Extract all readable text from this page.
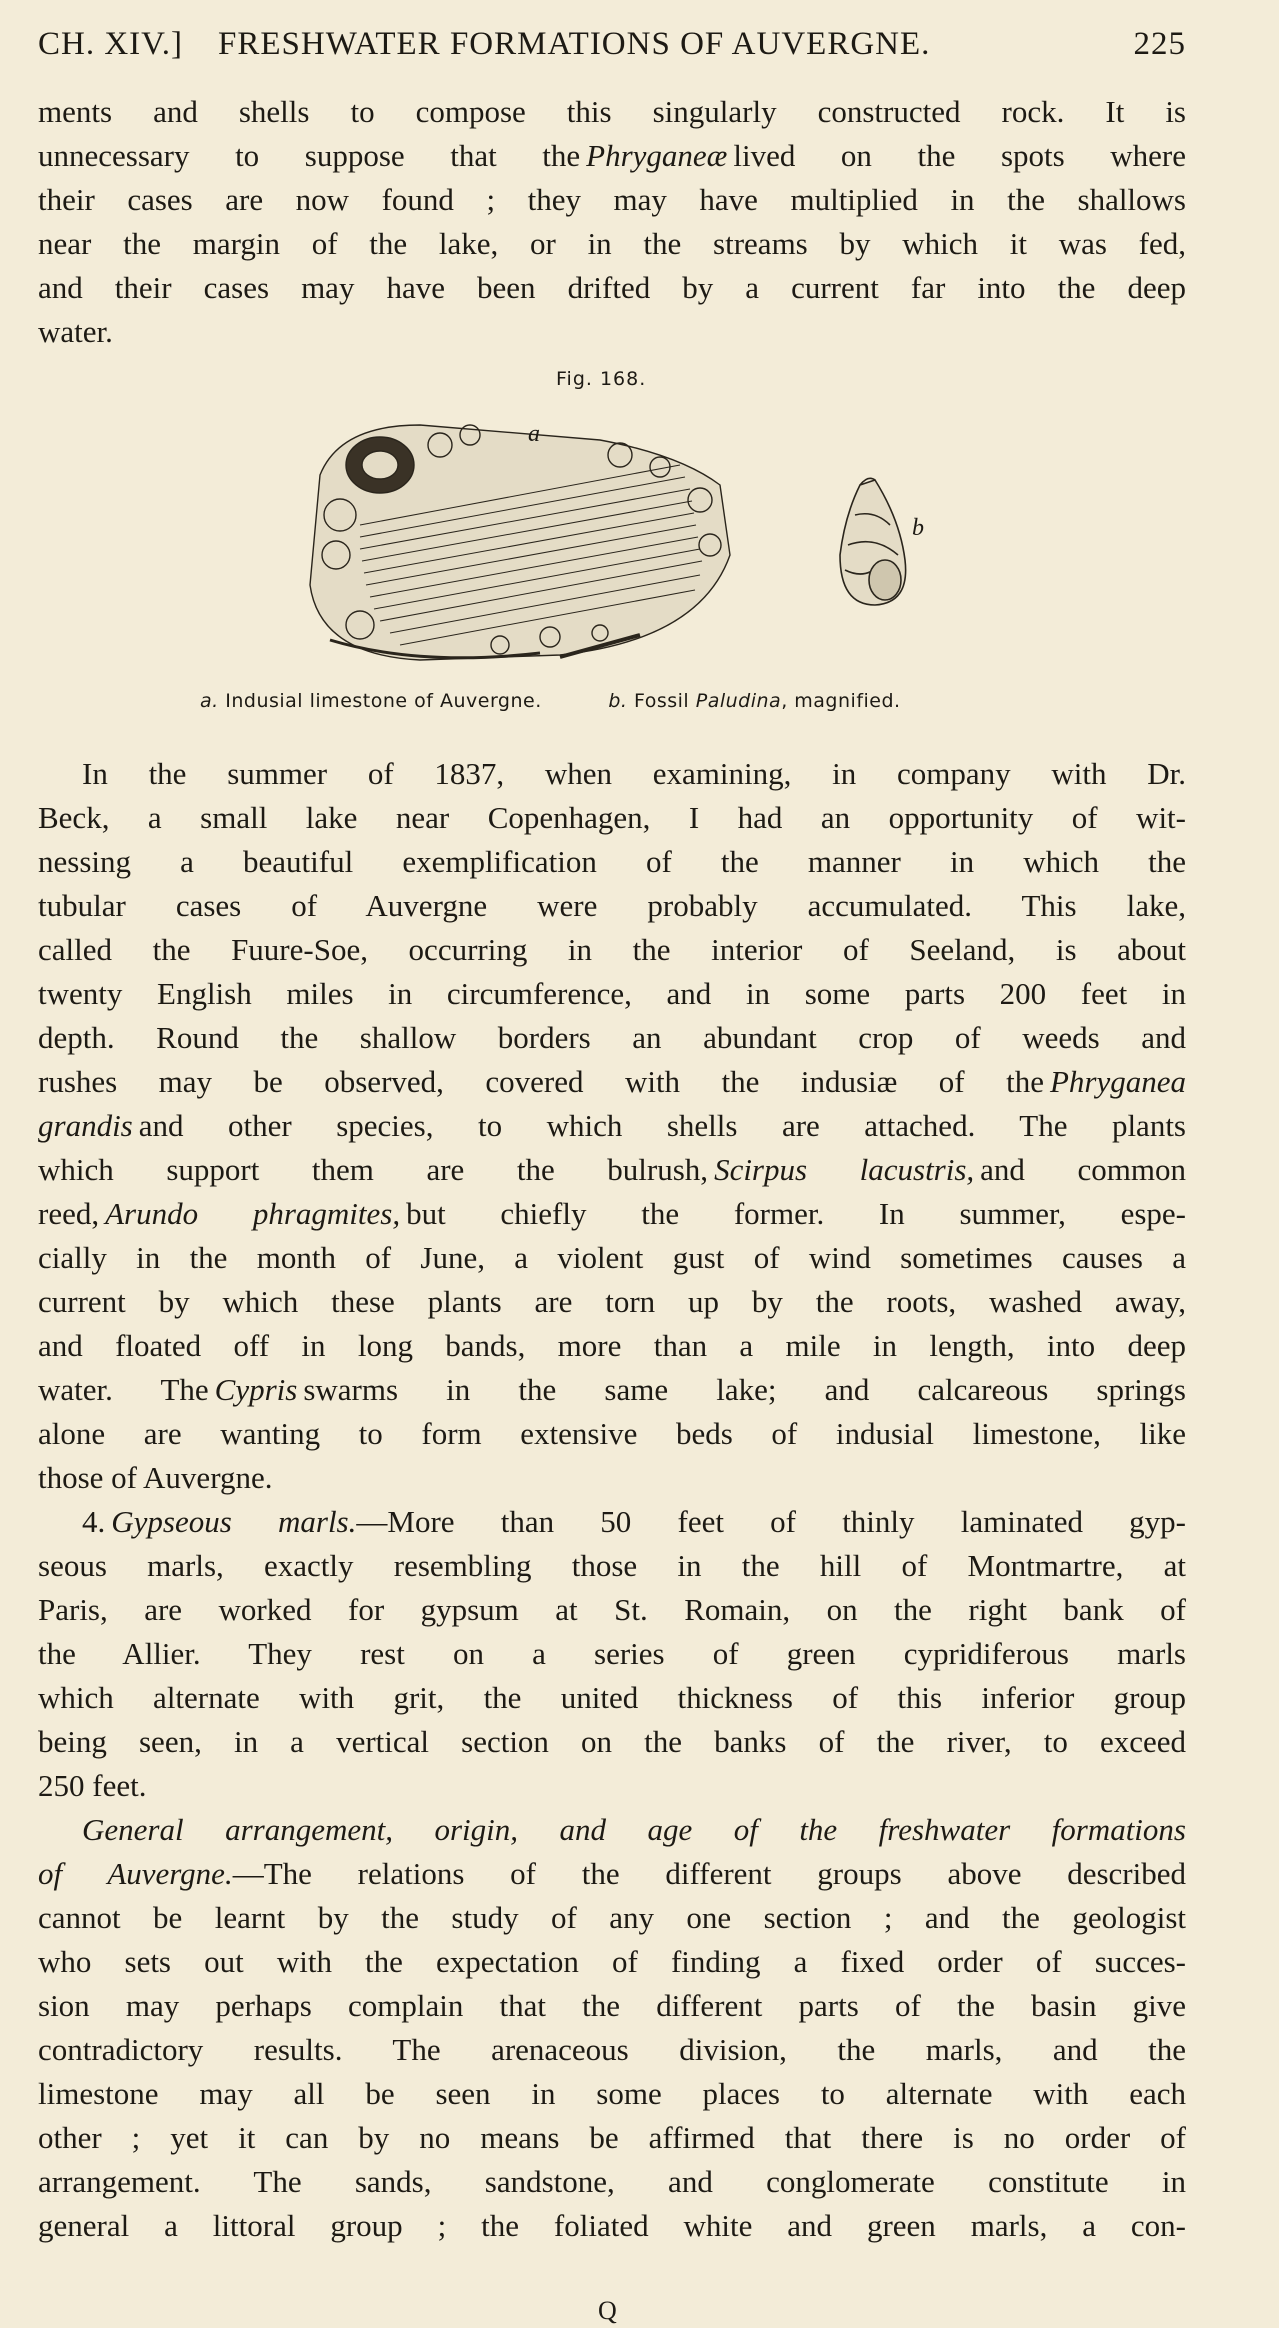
CH. XIV.] FRESHWATER FORMATIONS OF AUVERGNE.	225
ments and shells to compose this singularly constructed rock. It is
unnecessary to suppose that the Phryganeæ lived on the spots where
their cases are now found ; they may have multiplied in the shallows
near the margin of the lake, or in the streams by which it was fed,
and their cases may have been drifted by a current far into the deep
water.
Fig. 168.
a
b
a. Indusial limestone of Auvergne.	b. Fossil Paludina, magnified.
In the summer of 1837, when examining, in company with Dr.
Beck, a small lake near Copenhagen, I had an opportunity of wit-
nessing a beautiful exemplification of the manner in which the
tubular cases of Auvergne were probably accumulated. This lake,
called the Fuure-Soe, occurring in the interior of Seeland, is about
twenty English miles in circumference, and in some parts 200 feet in
depth. Round the shallow borders an abundant crop of weeds and
rushes may be observed, covered with the indusiæ of the Phryganea
grandis and other species, to which shells are attached. The plants
which support them are the bulrush, Scirpus lacustris, and common
reed, Arundo phragmites, but chiefly the former. In summer, espe-
cially in the month of June, a violent gust of wind sometimes causes a
current by which these plants are torn up by the roots, washed away,
and floated off in long bands, more than a mile in length, into deep
water. The Cypris swarms in the same lake; and calcareous springs
alone are wanting to form extensive beds of indusial limestone, like
those of Auvergne.
4. Gypseous marls.—More than 50 feet of thinly laminated gyp-
seous marls, exactly resembling those in the hill of Montmartre, at
Paris, are worked for gypsum at St. Romain, on the right bank of
the Allier. They rest on a series of green cypridiferous marls
which alternate with grit, the united thickness of this inferior group
being seen, in a vertical section on the banks of the river, to exceed
250 feet.
General arrangement, origin, and age of the freshwater formations
of Auvergne.—The relations of the different groups above described
cannot be learnt by the study of any one section ; and the geologist
who sets out with the expectation of finding a fixed order of succes-
sion may perhaps complain that the different parts of the basin give
contradictory results. The arenaceous division, the marls, and the
limestone may all be seen in some places to alternate with each
other ; yet it can by no means be affirmed that there is no order of
arrangement. The sands, sandstone, and conglomerate constitute in
general a littoral group ; the foliated white and green marls, a con-
Q
